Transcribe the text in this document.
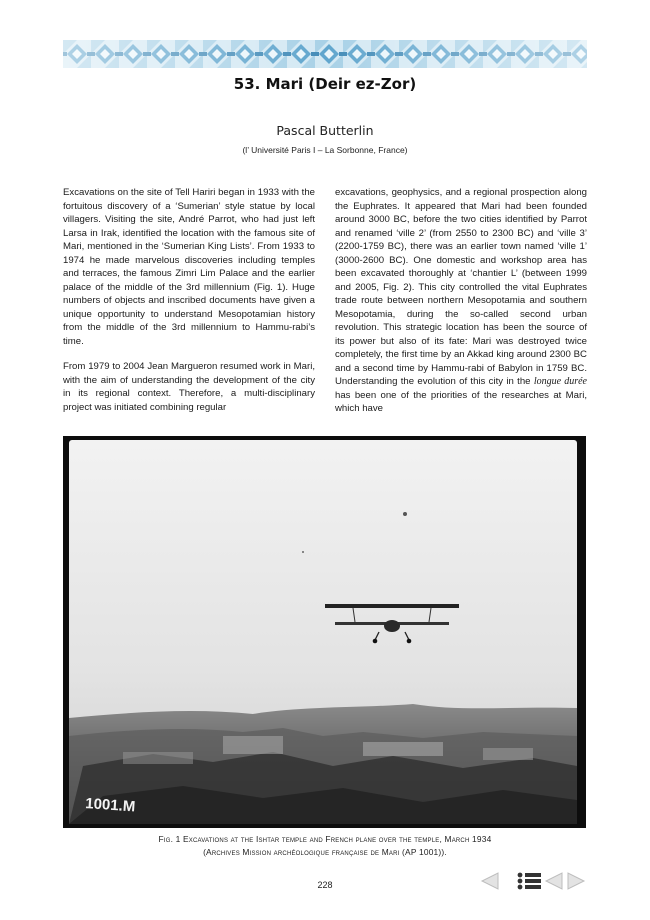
53. Mari (Deir ez-Zor)
Pascal Butterlin
(l’ Université Paris I – La Sorbonne, France)

Excavations on the site of Tell Hariri began in 1933 with the fortuitous discovery of a ‘Sumerian’ style statue by local villagers. Visiting the site, André Parrot, who had just left Larsa in Irak, identified the location with the famous site of Mari, mentioned in the ‘Sumerian King Lists’. From 1933 to 1974 he made marvelous discoveries including temples and terraces, the famous Zimri Lim Palace and the earlier palace of the middle of the 3rd millennium (Fig. 1). Huge numbers of objects and inscribed documents have given a unique opportunity to understand Mesopotamian history from the middle of the 3rd millennium to Hammu-rabi’s time.

From 1979 to 2004 Jean Margueron resumed work in Mari, with the aim of understanding the development of the city in its regional context. Therefore, a multi-disciplinary project was initiated combining regular

excavations, geophysics, and a regional prospection along the Euphrates. It appeared that Mari had been founded around 3000 BC, before the two cities identified by Parrot and renamed ‘ville 2’ (from 2550 to 2300 BC) and ‘ville 3’ (2200-1759 BC), there was an earlier town named ‘ville 1’ (3000-2600 BC). One domestic and workshop area has been excavated thoroughly at ‘chantier L’ (between 1999 and 2005, Fig. 2). This city controlled the vital Euphrates trade route between northern Mesopotamia and southern Mesopotamia, during the so-called second urban revolution. This strategic location has been the source of its power but also of its fate: Mari was destroyed twice completely, the first time by an Akkad king around 2300 BC and a second time by Hammu-rabi of Babylon in 1759 BC. Understanding the evolution of this city in the longue durée has been one of the priorities of the researches at Mari, which have

1001.M
Fig. 1 Excavations at the Ishtar temple and French plane over the temple, March 1934
(Archives Mission archéologique française de Mari (AP 1001)).
228
